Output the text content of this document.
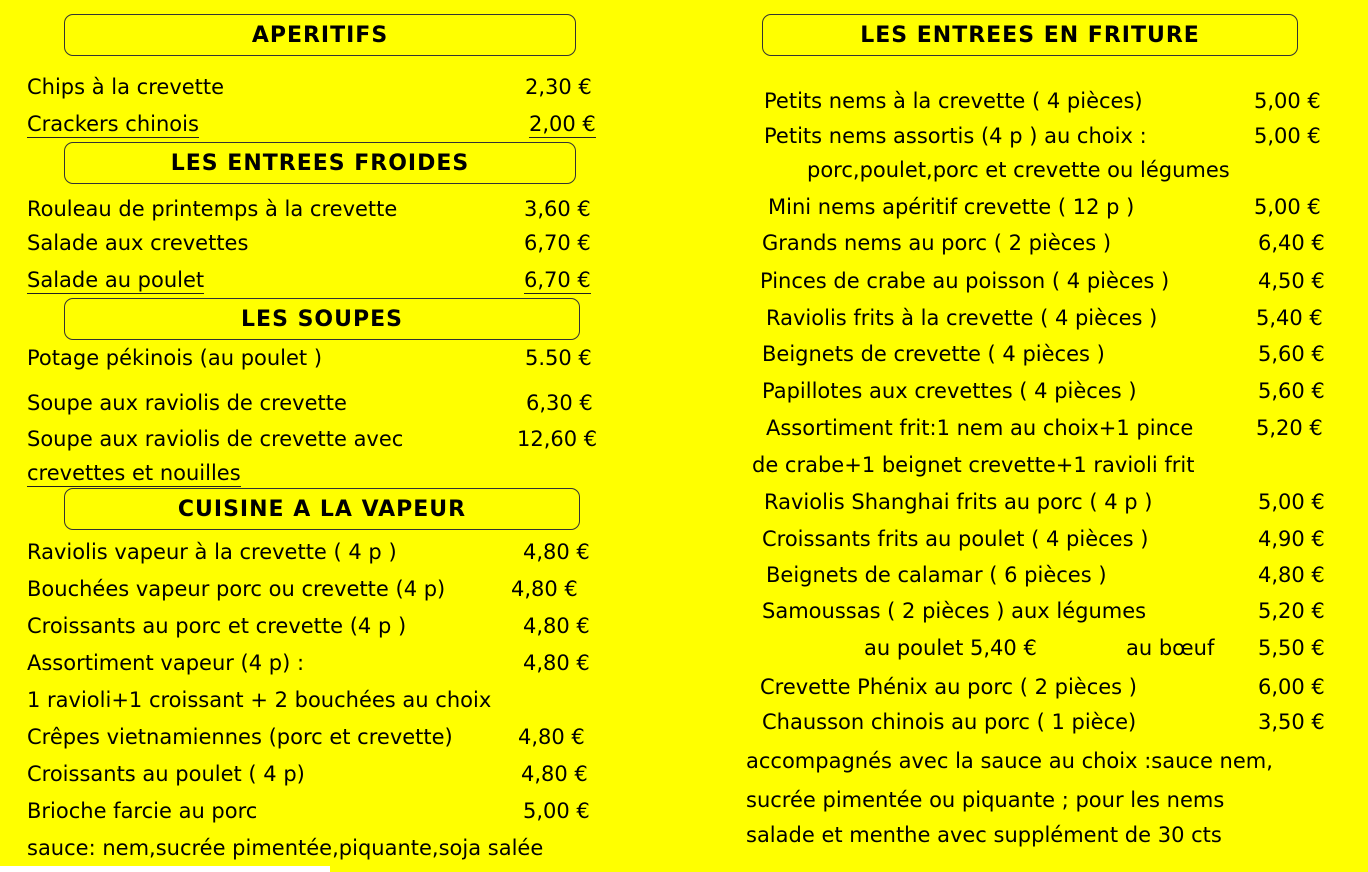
APERITIFS
Chips à la crevette	2,30 €
Crackers chinois	2,00 €
LES ENTREES FROIDES
Rouleau de printemps à la crevette	3,60 €
Salade aux crevettes	6,70 €
Salade au poulet	6,70 €
LES SOUPES
Potage pékinois (au poulet )	5.50 €
Soupe aux raviolis de crevette	6,30 €
Soupe aux raviolis de crevette avec	12,60 €
crevettes et nouilles
CUISINE A LA VAPEUR
Raviolis vapeur à la crevette ( 4 p )	4,80 €
Bouchées vapeur porc ou crevette (4 p)	4,80 €
Croissants au porc et crevette (4 p )	4,80 €
Assortiment vapeur (4 p) :	4,80 €
1 ravioli+1 croissant + 2 bouchées au choix
Crêpes vietnamiennes (porc et crevette)	4,80 €
Croissants au poulet ( 4 p)	4,80 €
Brioche farcie au porc	5,00 €
sauce: nem,sucrée pimentée,piquante,soja salée
LES ENTREES EN FRITURE
Petits nems à la crevette ( 4 pièces)	5,00 €
Petits nems assortis (4 p ) au choix :	5,00 €
porc,poulet,porc et crevette ou légumes
Mini nems apéritif crevette ( 12 p )	5,00 €
Grands nems au porc ( 2 pièces )	6,40 €
Pinces de crabe au poisson ( 4 pièces )	4,50 €
Raviolis frits à la crevette ( 4 pièces )	5,40 €
Beignets de crevette ( 4 pièces )	5,60 €
Papillotes aux crevettes ( 4 pièces )	5,60 €
Assortiment frit:1 nem au choix+1 pince	5,20 €
de crabe+1 beignet crevette+1 ravioli frit
Raviolis Shanghai frits au porc ( 4 p )	5,00 €
Croissants frits au poulet ( 4 pièces )	4,90 €
Beignets de calamar ( 6 pièces )	4,80 €
Samoussas ( 2 pièces ) aux légumes	5,20 €
au poulet 5,40 €	au bœuf 5,50 €
Crevette Phénix au porc ( 2 pièces )	6,00 €
Chausson chinois au porc ( 1 pièce)	3,50 €
accompagnés avec la sauce au choix :sauce nem,
sucrée pimentée ou piquante ; pour les nems
salade et menthe avec supplément de 30 cts
